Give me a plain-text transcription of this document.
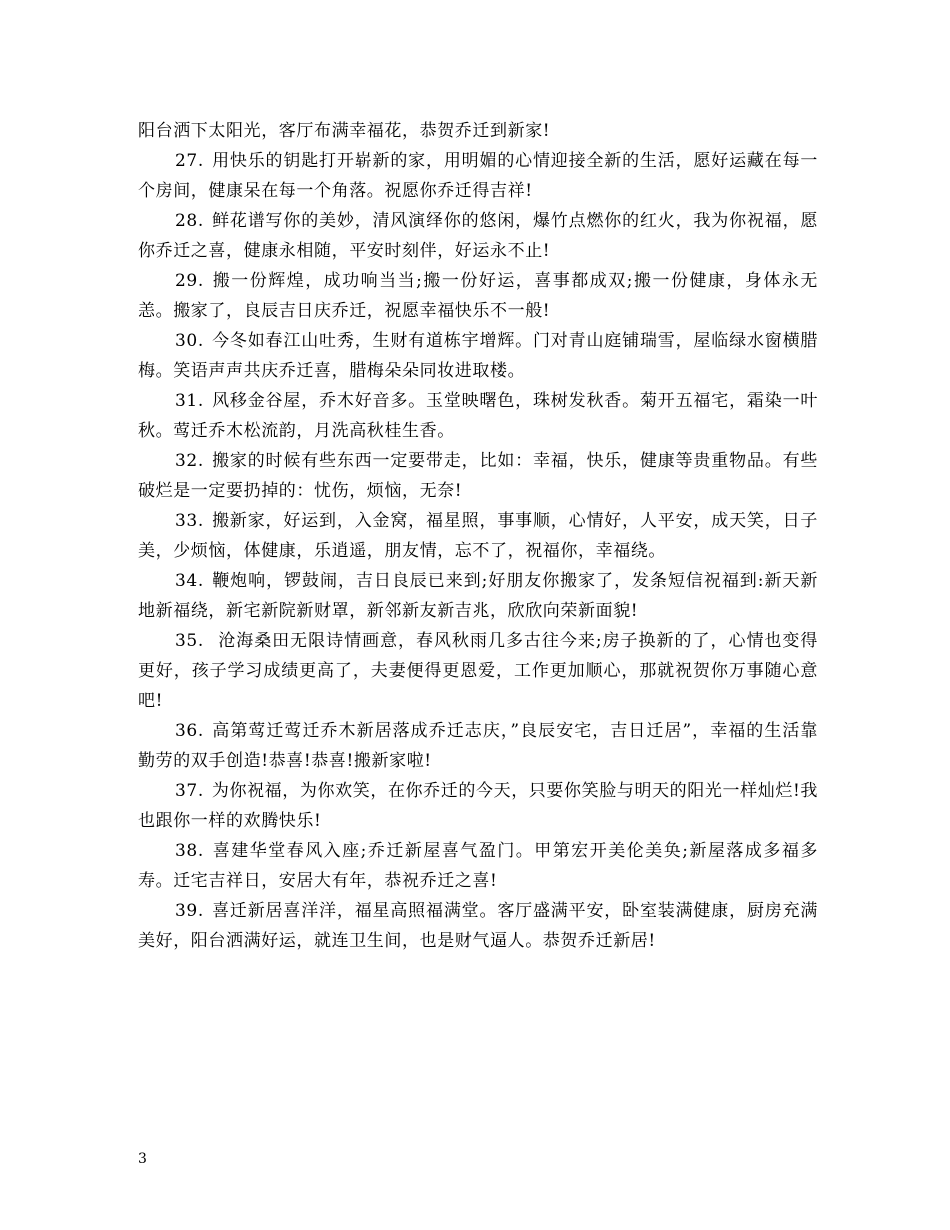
阳台洒下太阳光，客厅布满幸福花，恭贺乔迁到新家!

27. 用快乐的钥匙打开崭新的家，用明媚的心情迎接全新的生活，愿好运藏在每一个房间，健康呆在每一个角落。祝愿你乔迁得吉祥!

28. 鲜花谱写你的美妙，清风演绎你的悠闲，爆竹点燃你的红火，我为你祝福，愿你乔迁之喜，健康永相随，平安时刻伴，好运永不止!

29. 搬一份辉煌，成功响当当;搬一份好运，喜事都成双;搬一份健康，身体永无恙。搬家了，良辰吉日庆乔迁，祝愿幸福快乐不一般!

30. 今冬如春江山吐秀，生财有道栋宇增辉。门对青山庭铺瑞雪，屋临绿水窗横腊梅。笑语声声共庆乔迁喜，腊梅朵朵同妆进取楼。

31. 风移金谷屋，乔木好音多。玉堂映曙色，珠树发秋香。菊开五福宅，霜染一叶秋。莺迁乔木松流韵，月洗高秋桂生香。

32. 搬家的时候有些东西一定要带走，比如：幸福，快乐，健康等贵重物品。有些破烂是一定要扔掉的：忧伤，烦恼，无奈!

33. 搬新家，好运到，入金窝，福星照，事事顺，心情好，人平安，成天笑，日子美，少烦恼，体健康，乐逍遥，朋友情，忘不了，祝福你，幸福绕。

34. 鞭炮响，锣鼓闹，吉日良辰已来到;好朋友你搬家了，发条短信祝福到:新天新地新福绕，新宅新院新财罩，新邻新友新吉兆，欣欣向荣新面貌!

35. 沧海桑田无限诗情画意，春风秋雨几多古往今来;房子换新的了，心情也变得更好，孩子学习成绩更高了，夫妻便得更恩爱，工作更加顺心，那就祝贺你万事随心意吧!

36. 高第莺迁莺迁乔木新居落成乔迁志庆，”良辰安宅，吉日迁居”，幸福的生活靠勤劳的双手创造!恭喜!恭喜!搬新家啦!

37. 为你祝福，为你欢笑，在你乔迁的今天，只要你笑脸与明天的阳光一样灿烂!我也跟你一样的欢腾快乐!

38. 喜建华堂春风入座;乔迁新屋喜气盈门。甲第宏开美伦美奂;新屋落成多福多寿。迁宅吉祥日，安居大有年，恭祝乔迁之喜!

39. 喜迁新居喜洋洋，福星高照福满堂。客厅盛满平安，卧室装满健康，厨房充满美好，阳台洒满好运，就连卫生间，也是财气逼人。恭贺乔迁新居!

3
